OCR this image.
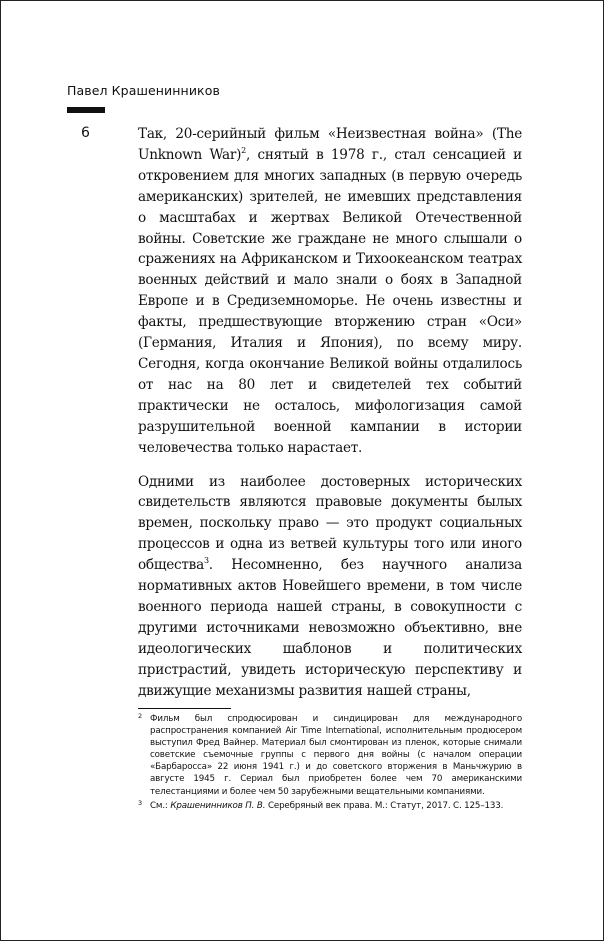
Павел Крашенинников
6	Так, 20-серийный фильм «Неизвестная война» (The Unknown War)$^2$, снятый в 1978 г., стал сенсацией и откровением для многих западных (в первую очередь американских) зрителей, не имевших представления о масштабах и жертвах Великой Отечественной войны. Советские же граждане не много слышали о сражениях на Африканском и Тихоокеанском театрах военных действий и мало знали о боях в Западной Европе и в Средиземноморье. Не очень известны и факты, предшествующие вторжению стран «Оси» (Германия, Италия и Япония), по всему миру. Сегодня, когда окончание Великой войны отдалилось от нас на 80 лет и свидетелей тех событий практически не осталось, мифологизация самой разрушительной военной кампании в истории человечества только нарастает.

Одними из наиболее достоверных исторических свидетельств являются правовые документы былых времен, поскольку право — это продукт социальных процессов и одна из ветвей культуры того или иного общества$^3$. Несомненно, без научного анализа нормативных актов Новейшего времени, в том числе военного периода нашей страны, в совокупности с другими источниками невозможно объективно, вне идеологических шаблонов и политических пристрастий, увидеть историческую перспективу и движущие механизмы развития нашей страны,

2 Фильм был спродюсирован и синдицирован для международного распространения компанией Air Time International, исполнительным продюсером выступил Фред Вайнер. Материал был смонтирован из пленок, которые снимали советские съемочные группы с первого дня войны (с началом операции «Барбаросса» 22 июня 1941 г.) и до советского вторжения в Маньчжурию в августе 1945 г. Сериал был приобретен более чем 70 американскими телестанциями и более чем 50 зарубежными вещательными компаниями.

3 См.: Крашенинников П. В. Серебряный век права. М.: Статут, 2017. С. 125–133.
